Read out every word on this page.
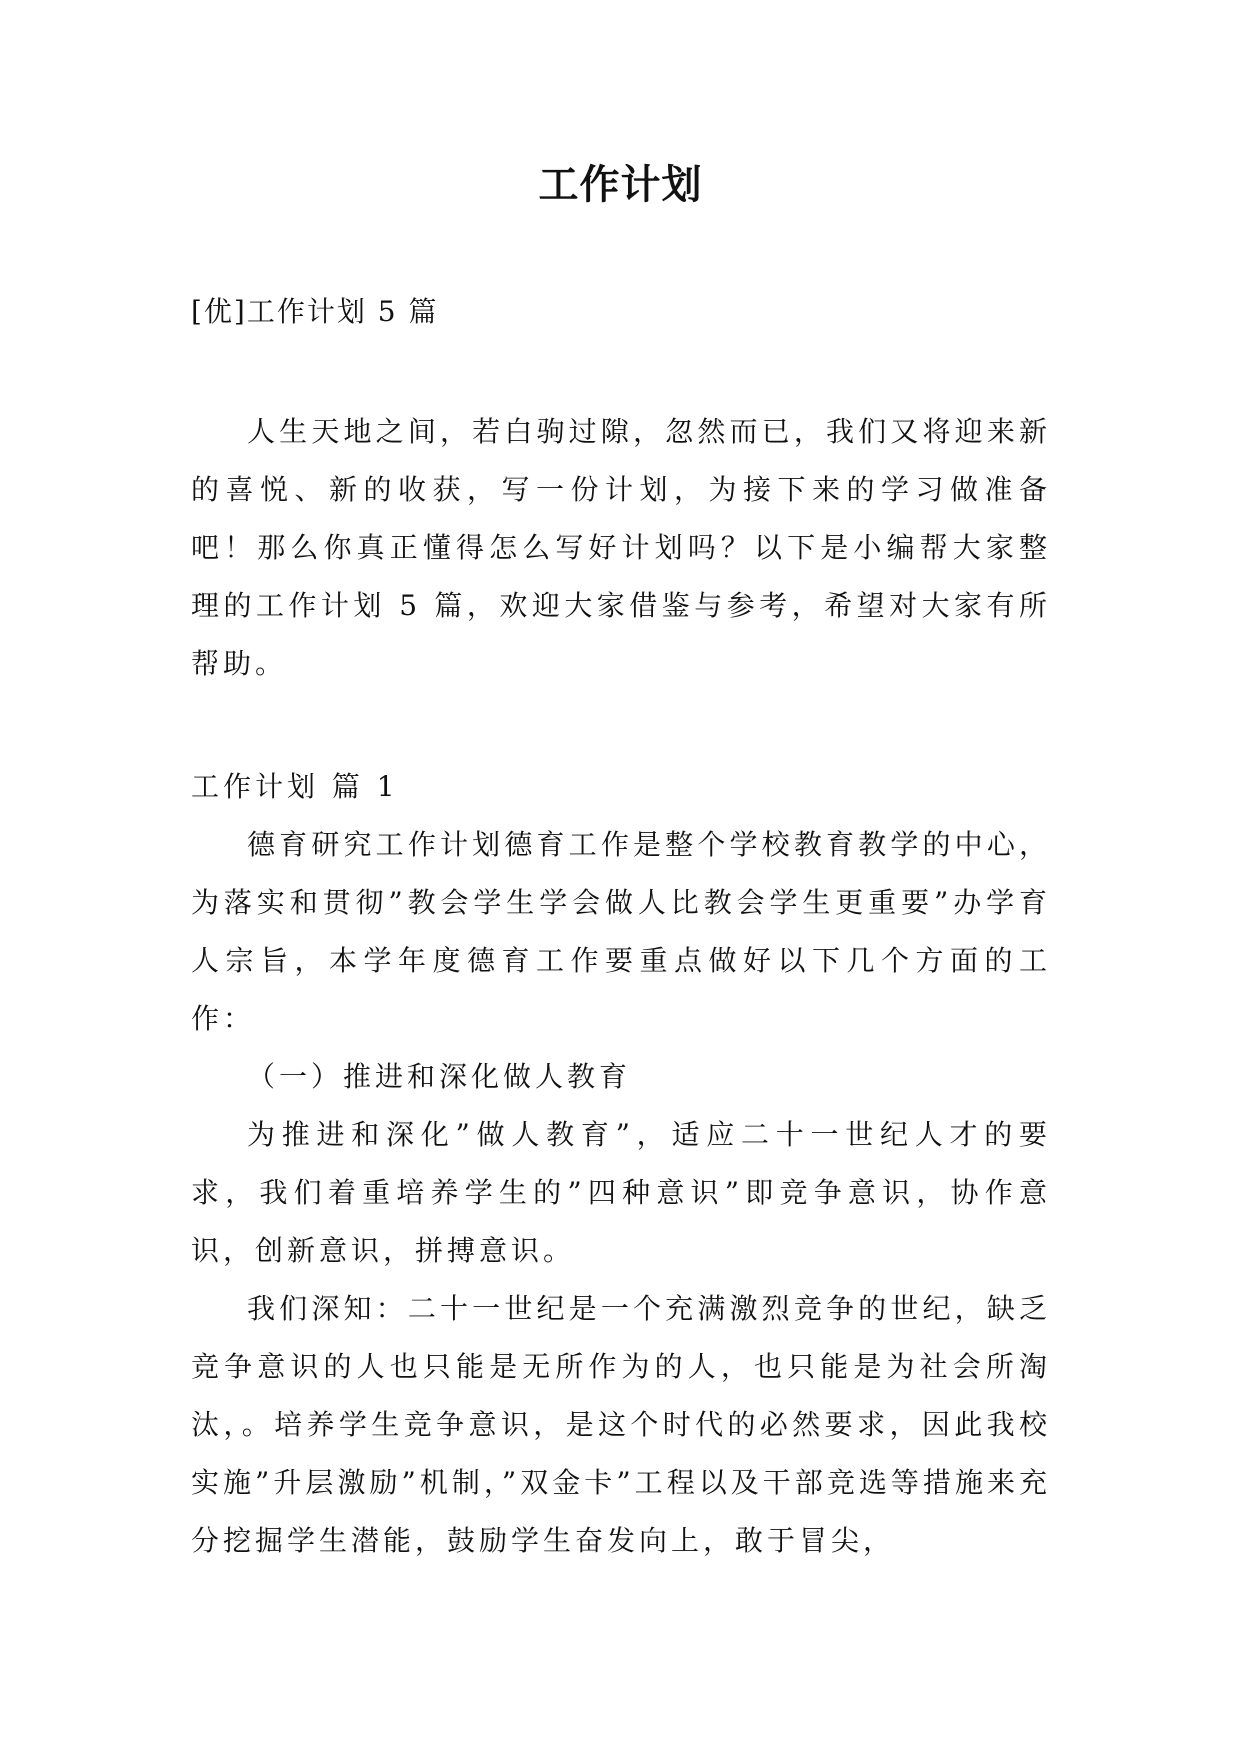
工作计划

[优]工作计划 5 篇

人生天地之间，若白驹过隙，忽然而已，我们又将迎来新的喜悦、新的收获，写一份计划，为接下来的学习做准备吧！那么你真正懂得怎么写好计划吗？以下是小编帮大家整理的工作计划 5 篇，欢迎大家借鉴与参考，希望对大家有所帮助。

工作计划 篇 1

德育研究工作计划德育工作是整个学校教育教学的中心，为落实和贯彻”教会学生学会做人比教会学生更重要”办学育人宗旨，本学年度德育工作要重点做好以下几个方面的工作：

（一）推进和深化做人教育

为推进和深化”做人教育”，适应二十一世纪人才的要求，我们着重培养学生的”四种意识”即竞争意识，协作意识，创新意识，拼搏意识。

我们深知：二十一世纪是一个充满激烈竞争的世纪，缺乏竞争意识的人也只能是无所作为的人，也只能是为社会所淘汰，。培养学生竞争意识，是这个时代的必然要求，因此我校实施”升层激励”机制，”双金卡”工程以及干部竞选等措施来充分挖掘学生潜能，鼓励学生奋发向上，敢于冒尖，
